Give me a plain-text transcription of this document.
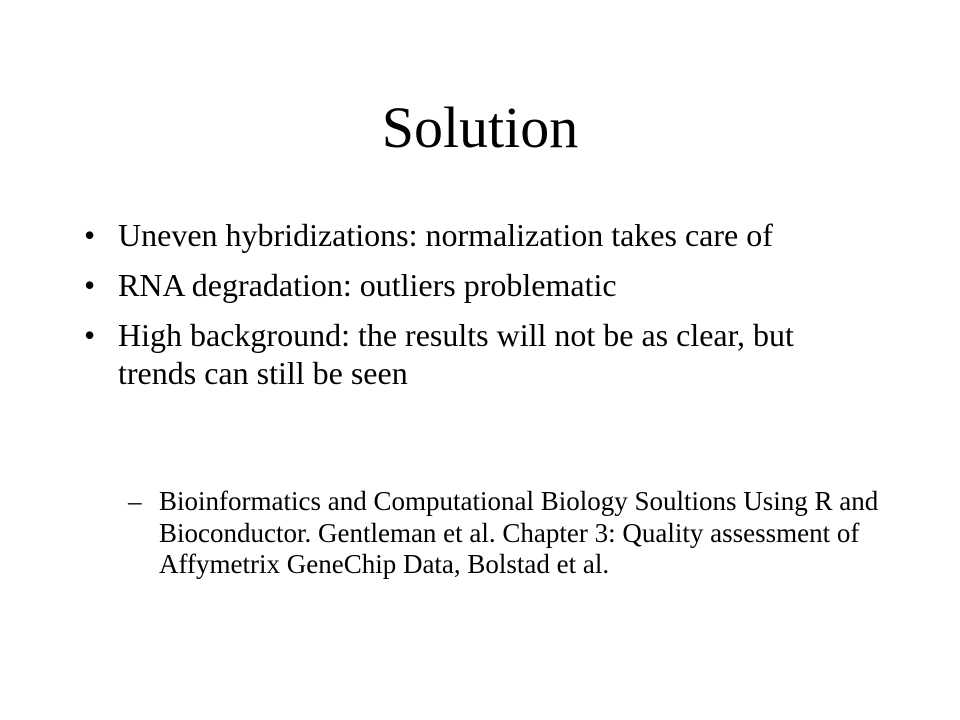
Solution
• Uneven hybridizations: normalization takes care of
• RNA degradation: outliers problematic
• High background: the results will not be as clear, but trends can still be seen
– Bioinformatics and Computational Biology Soultions Using R and Bioconductor. Gentleman et al. Chapter 3: Quality assessment of Affymetrix GeneChip Data, Bolstad et al.
